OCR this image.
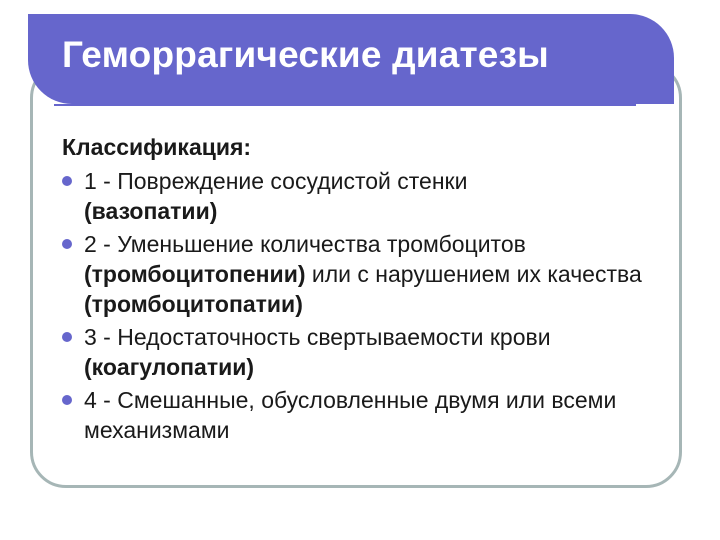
Геморрагические диатезы
Классификация:
1 - Повреждение сосудистой стенки
(вазопатии)
2 - Уменьшение количества тромбоцитов
(тромбоцитопении) или с нарушением их качества (тромбоцитопатии)
3 - Недостаточность свертываемости крови
(коагулопатии)
4 - Смешанные, обусловленные двумя или всеми механизмами
